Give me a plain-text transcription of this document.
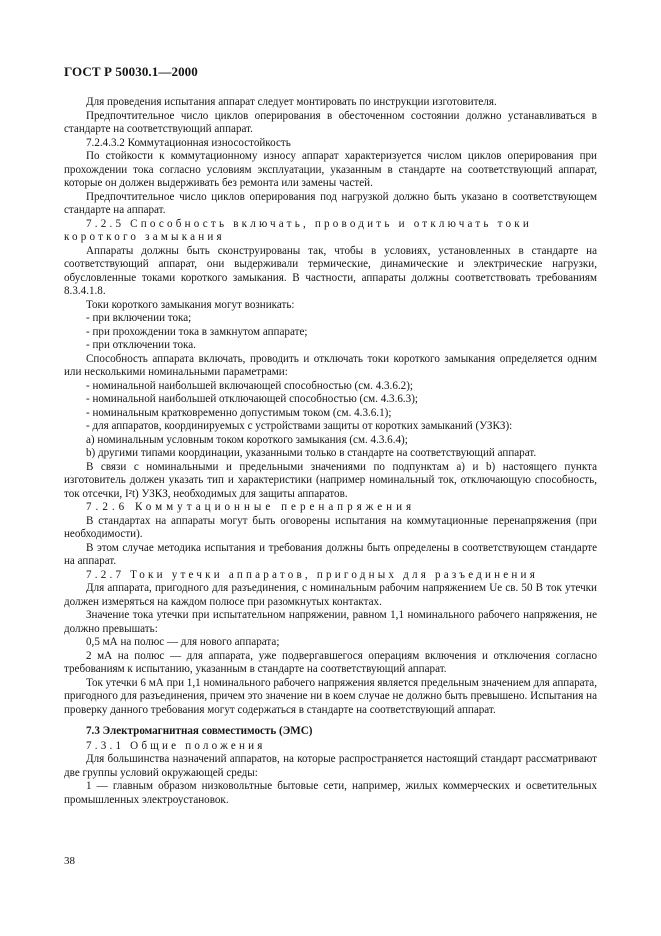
ГОСТ Р 50030.1—2000

Для проведения испытания аппарат следует монтировать по инструкции изготовителя.

Предпочтительное число циклов оперирования в обесточенном состоянии должно устанавливаться в стандарте на соответствующий аппарат.

7.2.4.3.2 Коммутационная износостойкость

По стойкости к коммутационному износу аппарат характеризуется числом циклов оперирования при прохождении тока согласно условиям эксплуатации, указанным в стандарте на соответствующий аппарат, которые он должен выдерживать без ремонта или замены частей.

Предпочтительное число циклов оперирования под нагрузкой должно быть указано в соответствующем стандарте на аппарат.

7.2.5 Способность включать, проводить и отключать токи короткого замыкания

Аппараты должны быть сконструированы так, чтобы в условиях, установленных в стандарте на соответствующий аппарат, они выдерживали термические, динамические и электрические нагрузки, обусловленные токами короткого замыкания. В частности, аппараты должны соответствовать требованиям 8.3.4.1.8.

Токи короткого замыкания могут возникать:

- при включении тока;

- при прохождении тока в замкнутом аппарате;

- при отключении тока.

Способность аппарата включать, проводить и отключать токи короткого замыкания определяется одним или несколькими номинальными параметрами:

- номинальной наибольшей включающей способностью (см. 4.3.6.2);

- номинальной наибольшей отключающей способностью (см. 4.3.6.3);

- номинальным кратковременно допустимым током (см. 4.3.6.1);

- для аппаратов, координируемых с устройствами защиты от коротких замыканий (УЗКЗ):

a) номинальным условным током короткого замыкания (см. 4.3.6.4);

b) другими типами координации, указанными только в стандарте на соответствующий аппарат.

В связи с номинальными и предельными значениями по подпунктам a) и b) настоящего пункта изготовитель должен указать тип и характеристики (например номинальный ток, отключающую способность, ток отсечки, I²t) УЗКЗ, необходимых для защиты аппаратов.

7.2.6 Коммутационные перенапряжения

В стандартах на аппараты могут быть оговорены испытания на коммутационные перенапряжения (при необходимости).

В этом случае методика испытания и требования должны быть определены в соответствующем стандарте на аппарат.

7.2.7 Токи утечки аппаратов, пригодных для разъединения

Для аппарата, пригодного для разъединения, с номинальным рабочим напряжением Ue св. 50 В ток утечки должен измеряться на каждом полюсе при разомкнутых контактах.

Значение тока утечки при испытательном напряжении, равном 1,1 номинального рабочего напряжения, не должно превышать:

0,5 мА на полюс — для нового аппарата;

2 мА на полюс — для аппарата, уже подвергавшегося операциям включения и отключения согласно требованиям к испытанию, указанным в стандарте на соответствующий аппарат.

Ток утечки 6 мА при 1,1 номинального рабочего напряжения является предельным значением для аппарата, пригодного для разъединения, причем это значение ни в коем случае не должно быть превышено. Испытания на проверку данного требования могут содержаться в стандарте на соответствующий аппарат.

7.3 Электромагнитная совместимость (ЭМС)

7.3.1 Общие положения

Для большинства назначений аппаратов, на которые распространяется настоящий стандарт рассматривают две группы условий окружающей среды:

1 — главным образом низковольтные бытовые сети, например, жилых коммерческих и осветительных промышленных электроустановок.

38
